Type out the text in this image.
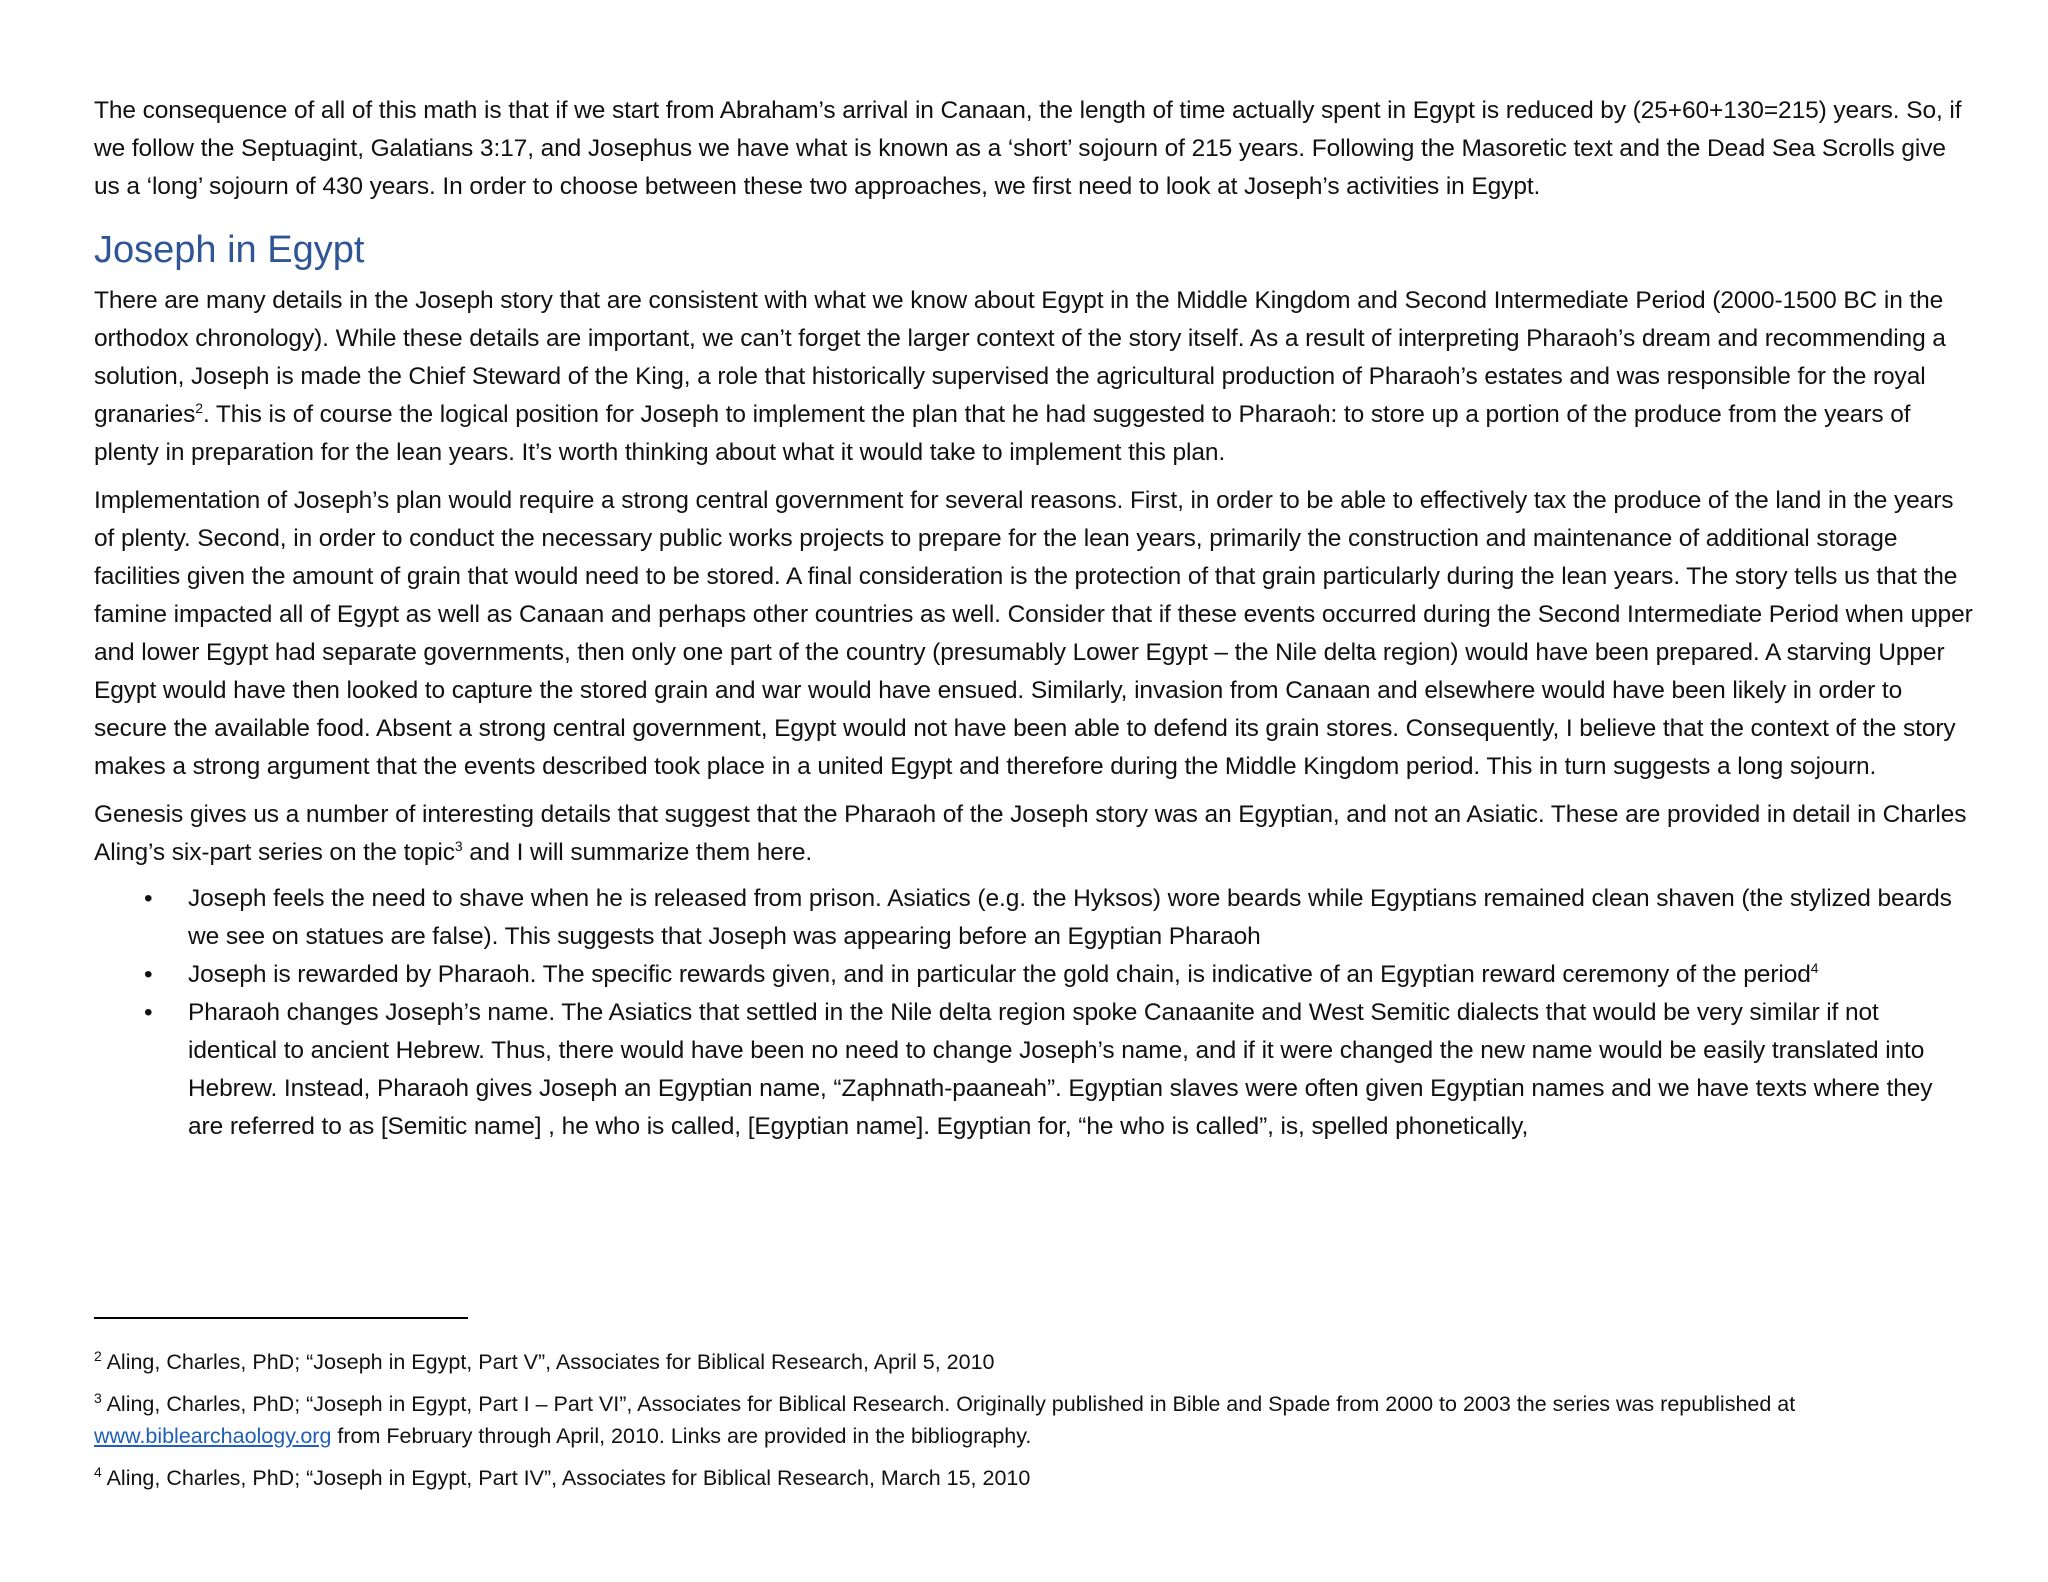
The consequence of all of this math is that if we start from Abraham’s arrival in Canaan, the length of time actually spent in Egypt is reduced by (25+60+130=215) years. So, if we follow the Septuagint, Galatians 3:17, and Josephus we have what is known as a ‘short’ sojourn of 215 years. Following the Masoretic text and the Dead Sea Scrolls give us a ‘long’ sojourn of 430 years. In order to choose between these two approaches, we first need to look at Joseph’s activities in Egypt.

Joseph in Egypt

There are many details in the Joseph story that are consistent with what we know about Egypt in the Middle Kingdom and Second Intermediate Period (2000-1500 BC in the orthodox chronology). While these details are important, we can’t forget the larger context of the story itself. As a result of interpreting Pharaoh’s dream and recommending a solution, Joseph is made the Chief Steward of the King, a role that historically supervised the agricultural production of Pharaoh’s estates and was responsible for the royal granaries$^2$. This is of course the logical position for Joseph to implement the plan that he had suggested to Pharaoh: to store up a portion of the produce from the years of plenty in preparation for the lean years. It’s worth thinking about what it would take to implement this plan.

Implementation of Joseph’s plan would require a strong central government for several reasons. First, in order to be able to effectively tax the produce of the land in the years of plenty. Second, in order to conduct the necessary public works projects to prepare for the lean years, primarily the construction and maintenance of additional storage facilities given the amount of grain that would need to be stored. A final consideration is the protection of that grain particularly during the lean years. The story tells us that the famine impacted all of Egypt as well as Canaan and perhaps other countries as well. Consider that if these events occurred during the Second Intermediate Period when upper and lower Egypt had separate governments, then only one part of the country (presumably Lower Egypt – the Nile delta region) would have been prepared. A starving Upper Egypt would have then looked to capture the stored grain and war would have ensued. Similarly, invasion from Canaan and elsewhere would have been likely in order to secure the available food. Absent a strong central government, Egypt would not have been able to defend its grain stores. Consequently, I believe that the context of the story makes a strong argument that the events described took place in a united Egypt and therefore during the Middle Kingdom period. This in turn suggests a long sojourn.

Genesis gives us a number of interesting details that suggest that the Pharaoh of the Joseph story was an Egyptian, and not an Asiatic. These are provided in detail in Charles Aling’s six-part series on the topic$^3$ and I will summarize them here.

• Joseph feels the need to shave when he is released from prison. Asiatics (e.g. the Hyksos) wore beards while Egyptians remained clean shaven (the stylized beards we see on statues are false). This suggests that Joseph was appearing before an Egyptian Pharaoh
• Joseph is rewarded by Pharaoh. The specific rewards given, and in particular the gold chain, is indicative of an Egyptian reward ceremony of the period$^4$
• Pharaoh changes Joseph’s name. The Asiatics that settled in the Nile delta region spoke Canaanite and West Semitic dialects that would be very similar if not identical to ancient Hebrew. Thus, there would have been no need to change Joseph’s name, and if it were changed the new name would be easily translated into Hebrew. Instead, Pharaoh gives Joseph an Egyptian name, “Zaphnath-paaneah”. Egyptian slaves were often given Egyptian names and we have texts where they are referred to as [Semitic name] , he who is called, [Egyptian name]. Egyptian for, “he who is called”, is, spelled phonetically,

$^2$ Aling, Charles, PhD; “Joseph in Egypt, Part V”, Associates for Biblical Research, April 5, 2010

$^3$ Aling, Charles, PhD; “Joseph in Egypt, Part I – Part VI”, Associates for Biblical Research. Originally published in Bible and Spade from 2000 to 2003 the series was republished at www.biblearchaology.org from February through April, 2010. Links are provided in the bibliography.

$^4$ Aling, Charles, PhD; “Joseph in Egypt, Part IV”, Associates for Biblical Research, March 15, 2010
